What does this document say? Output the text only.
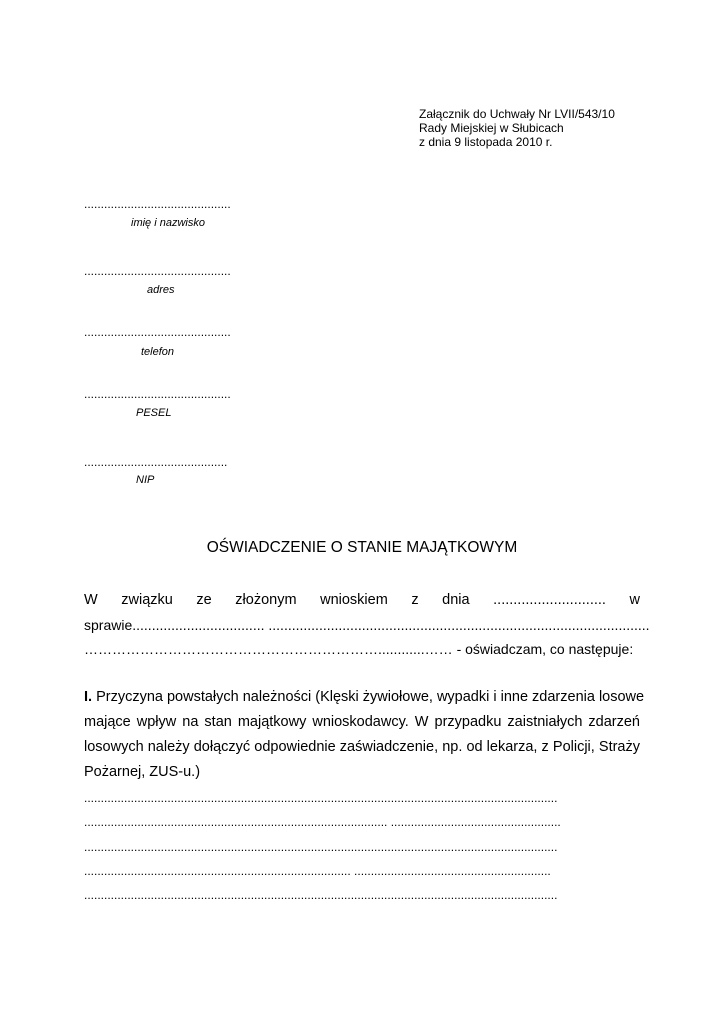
Załącznik do Uchwały Nr LVII/543/10
Rady Miejskiej w Słubicach
z dnia 9 listopada 2010 r.
............................................
imię i nazwisko
............................................
adres
............................................
telefon
............................................
PESEL
...........................................
NIP
OŚWIADCZENIE O STANIE MAJĄTKOWYM
W związku ze złożonym wnioskiem z dnia ............................ w
sprawie.................................. ..................................................................................................
………………………………………………………............…… - oświadczam, co następuje:
I. Przyczyna powstałych należności (Klęski żywiołowe, wypadki i inne zdarzenia losowe
mające wpływ na stan majątkowy wnioskodawcy. W przypadku zaistniałych zdarzeń
losowych należy dołączyć odpowiednie zaświadczenie, np. od lekarza, z Policji, Straży
Pożarnej, ZUS-u.)
..............................................................................................................................................
........................................................................................... ...................................................
..............................................................................................................................................
................................................................................ ...........................................................
..............................................................................................................................................
